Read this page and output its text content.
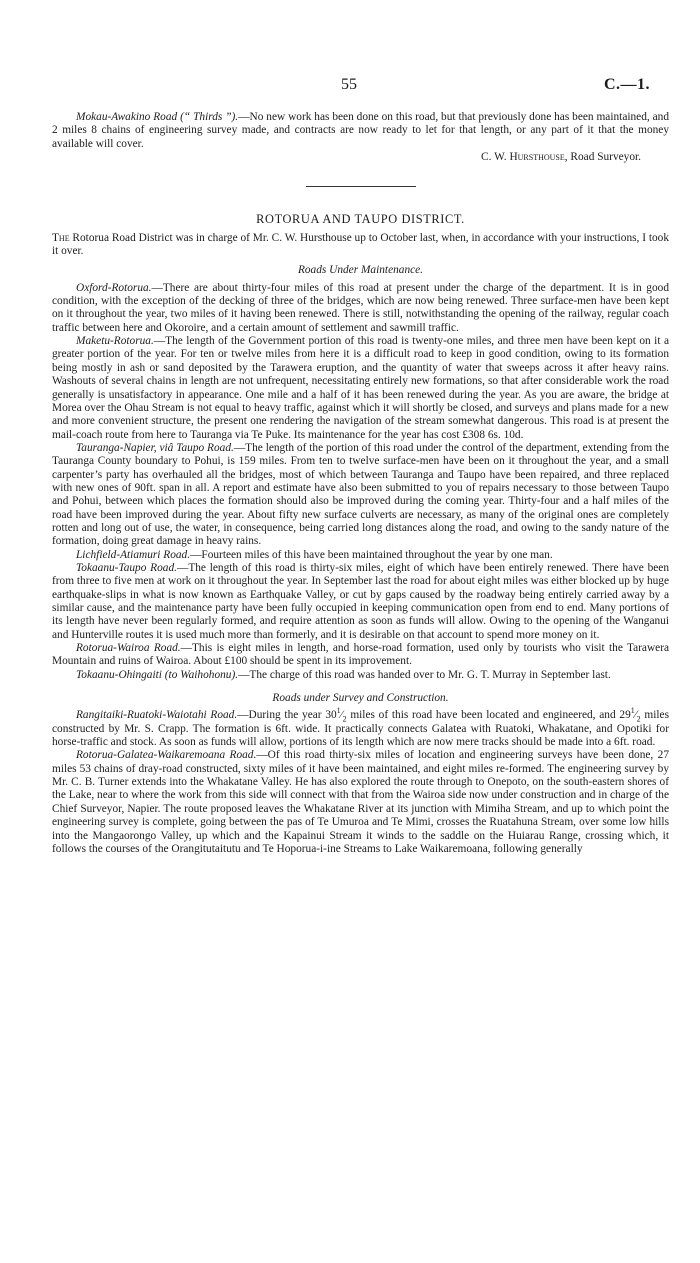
55	C.—1.

Mokau-Awakino Road (“ Thirds ”).—No new work has been done on this road, but that previously done has been maintained, and 2 miles 8 chains of engineering survey made, and contracts are now ready to let for that length, or any part of it that the money available will cover.

C. W. Hursthouse, Road Surveyor.

ROTORUA AND TAUPO DISTRICT.

The Rotorua Road District was in charge of Mr. C. W. Hursthouse up to October last, when, in accordance with your instructions, I took it over.

Roads Under Maintenance.

Oxford-Rotorua.—There are about thirty-four miles of this road at present under the charge of the department. It is in good condition, with the exception of the decking of three of the bridges, which are now being renewed. Three surface-men have been kept on it throughout the year, two miles of it having been renewed. There is still, notwithstanding the opening of the railway, regular coach traffic between here and Okoroire, and a certain amount of settlement and sawmill traffic.

Maketu-Rotorua.—The length of the Government portion of this road is twenty-one miles, and three men have been kept on it a greater portion of the year. For ten or twelve miles from here it is a difficult road to keep in good condition, owing to its formation being mostly in ash or sand deposited by the Tarawera eruption, and the quantity of water that sweeps across it after heavy rains. Washouts of several chains in length are not unfrequent, necessitating entirely new formations, so that after considerable work the road generally is unsatisfactory in appearance. One mile and a half of it has been renewed during the year. As you are aware, the bridge at Morea over the Ohau Stream is not equal to heavy traffic, against which it will shortly be closed, and surveys and plans made for a new and more convenient structure, the present one rendering the navigation of the stream somewhat dangerous. This road is at present the mail-coach route from here to Tauranga via Te Puke. Its maintenance for the year has cost £308 6s. 10d.

Tauranga-Napier, viâ Taupo Road.—The length of the portion of this road under the control of the department, extending from the Tauranga County boundary to Pohui, is 159 miles. From ten to twelve surface-men have been on it throughout the year, and a small carpenter’s party has overhauled all the bridges, most of which between Tauranga and Taupo have been repaired, and three replaced with new ones of 90ft. span in all. A report and estimate have also been submitted to you of repairs necessary to those between Taupo and Pohui, between which places the formation should also be improved during the coming year. Thirty-four and a half miles of the road have been improved during the year. About fifty new surface culverts are necessary, as many of the original ones are completely rotten and long out of use, the water, in consequence, being carried long distances along the road, and owing to the sandy nature of the formation, doing great damage in heavy rains.

Lichfield-Atiamuri Road.—Fourteen miles of this have been maintained throughout the year by one man.

Tokaanu-Taupo Road.—The length of this road is thirty-six miles, eight of which have been entirely renewed. There have been from three to five men at work on it throughout the year. In September last the road for about eight miles was either blocked up by huge earthquake-slips in what is now known as Earthquake Valley, or cut by gaps caused by the roadway being entirely carried away by a similar cause, and the maintenance party have been fully occupied in keeping communication open from end to end. Many portions of its length have never been regularly formed, and require attention as soon as funds will allow. Owing to the opening of the Wanganui and Hunterville routes it is used much more than formerly, and it is desirable on that account to spend more money on it.

Rotorua-Wairoa Road.—This is eight miles in length, and horse-road formation, used only by tourists who visit the Tarawera Mountain and ruins of Wairoa. About £100 should be spent in its improvement.

Tokaanu-Ohingaiti (to Waihohonu).—The charge of this road was handed over to Mr. G. T. Murray in September last.

Roads under Survey and Construction.

Rangitaiki-Ruatoki-Waiotahi Road.—During the year $30^1⁄_2$ miles of this road have been located and engineered, and $29^1⁄_2$ miles constructed by Mr. S. Crapp. The formation is 6ft. wide. It practically connects Galatea with Ruatoki, Whakatane, and Opotiki for horse-traffic and stock. As soon as funds will allow, portions of its length which are now mere tracks should be made into a 6ft. road.

Rotorua-Galatea-Waikaremoana Road.—Of this road thirty-six miles of location and engineering surveys have been done, 27 miles 53 chains of dray-road constructed, sixty miles of it have been maintained, and eight miles re-formed. The engineering survey by Mr. C. B. Turner extends into the Whakatane Valley. He has also explored the route through to Onepoto, on the south-eastern shores of the Lake, near to where the work from this side will connect with that from the Wairoa side now under construction and in charge of the Chief Surveyor, Napier. The route proposed leaves the Whakatane River at its junction with Mimiha Stream, and up to which point the engineering survey is complete, going between the pas of Te Umuroa and Te Mimi, crosses the Ruatahuna Stream, over some low hills into the Mangaorongo Valley, up which and the Kapainui Stream it winds to the saddle on the Huiarau Range, crossing which, it follows the courses of the Orangitutaitutu and Te Hoporua-i-ine Streams to Lake Waikaremoana, following generally
